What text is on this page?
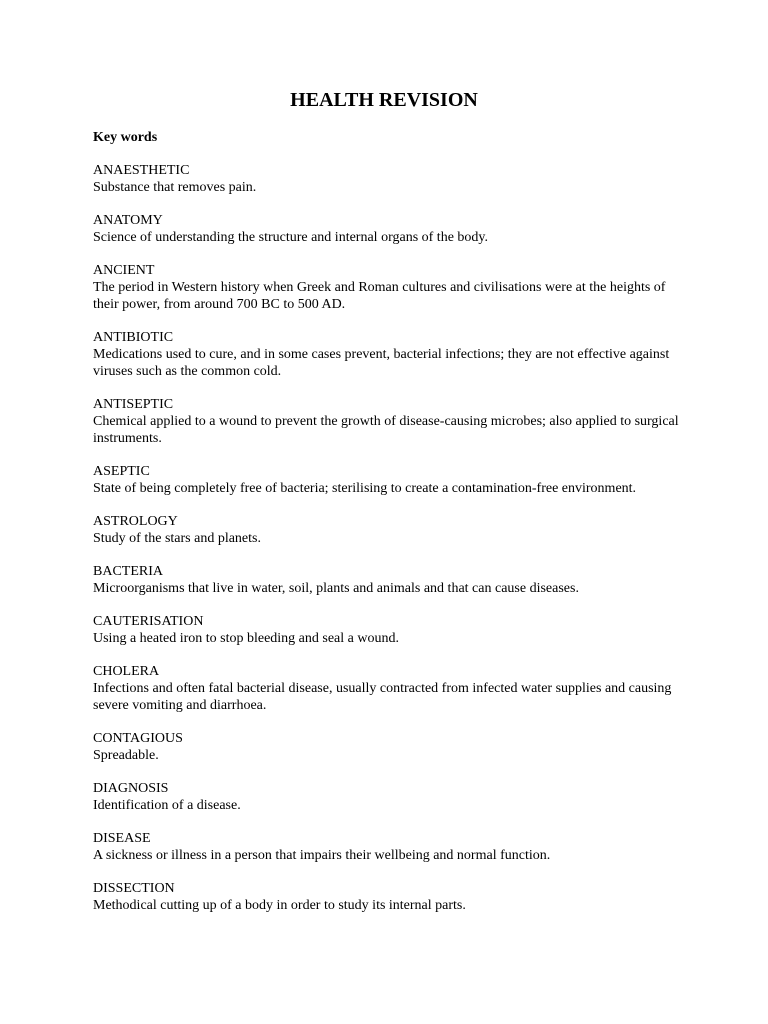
HEALTH REVISION
Key words
ANAESTHETIC
Substance that removes pain.
ANATOMY
Science of understanding the structure and internal organs of the body.
ANCIENT
The period in Western history when Greek and Roman cultures and civilisations were at the heights of their power, from around 700 BC to 500 AD.
ANTIBIOTIC
Medications used to cure, and in some cases prevent, bacterial infections; they are not effective against viruses such as the common cold.
ANTISEPTIC
Chemical applied to a wound to prevent the growth of disease-causing microbes; also applied to surgical instruments.
ASEPTIC
State of being completely free of bacteria; sterilising to create a contamination-free environment.
ASTROLOGY
Study of the stars and planets.
BACTERIA
Microorganisms that live in water, soil, plants and animals and that can cause diseases.
CAUTERISATION
Using a heated iron to stop bleeding and seal a wound.
CHOLERA
Infections and often fatal bacterial disease, usually contracted from infected water supplies and causing severe vomiting and diarrhoea.
CONTAGIOUS
Spreadable.
DIAGNOSIS
Identification of a disease.
DISEASE
A sickness or illness in a person that impairs their wellbeing and normal function.
DISSECTION
Methodical cutting up of a body in order to study its internal parts.
